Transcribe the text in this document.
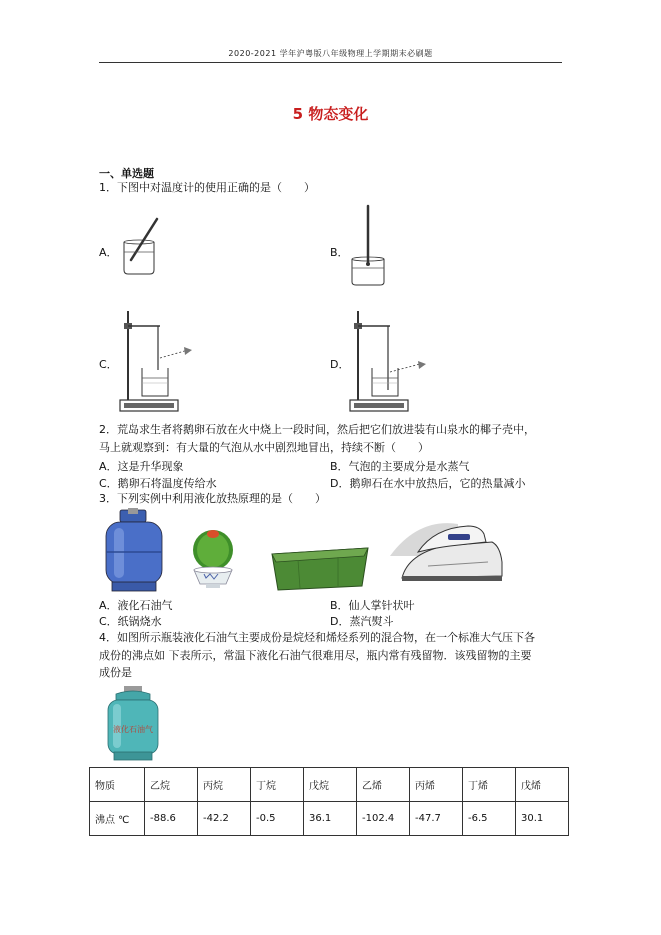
2020-2021 学年沪粤版八年级物理上学期期末必刷题
5 物态变化
一、单选题
1．下图中对温度计的使用正确的是（　　）
A．	B．
C．	D．
2．荒岛求生者将鹅卵石放在火中烧上一段时间，然后把它们放进装有山泉水的椰子壳中，
马上就观察到：有大量的气泡从水中剧烈地冒出，持续不断（　　）
A．这是升华现象	B．气泡的主要成分是水蒸气
C．鹅卵石将温度传给水	D．鹅卵石在水中放热后，它的热量减小
3．下列实例中利用液化放热原理的是（　　）
A．液化石油气	B．仙人掌针状叶
C．纸锅烧水	D．蒸汽熨斗
4．如图所示瓶装液化石油气主要成份是烷烃和烯烃系列的混合物，在一个标准大气压下各
成份的沸点如 下表所示，常温下液化石油气很难用尽，瓶内常有残留物．该残留物的主要
成份是
液化石油气
物质	乙烷	丙烷	丁烷	戊烷	乙烯	丙烯	丁烯	戊烯
沸点 ℃	-88.6	-42.2	-0.5	36.1	-102.4	-47.7	-6.5	30.1
